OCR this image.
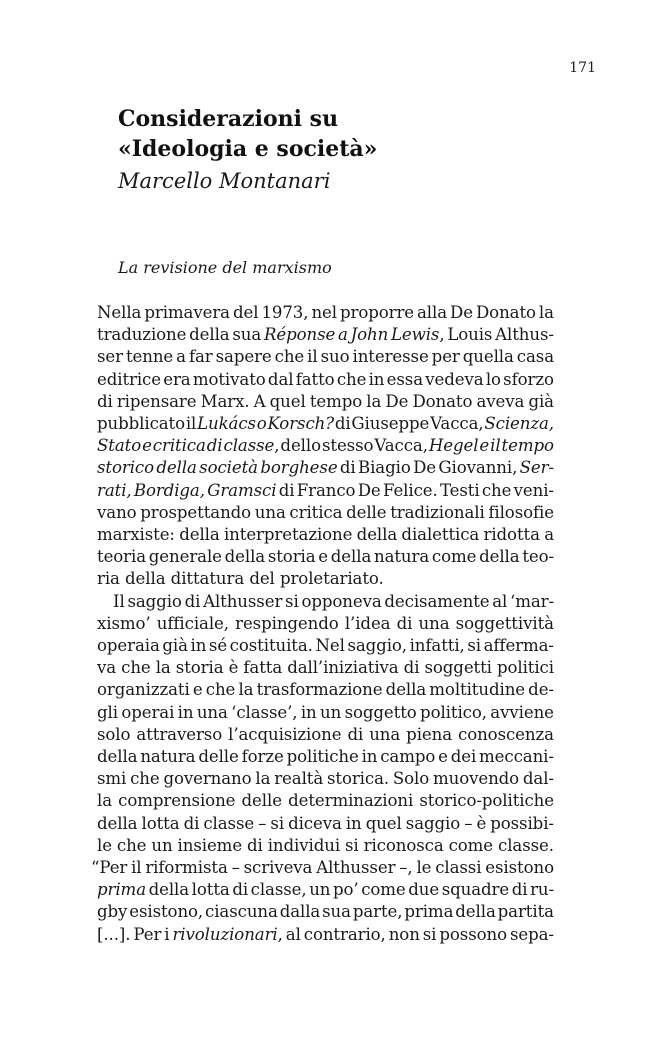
171
Considerazioni su
«Ideologia e società»
Marcello Montanari
La revisione del marxismo
Nella primavera del 1973, nel proporre alla De Donato la
traduzione della sua Réponse a John Lewis, Louis Althus-
ser tenne a far sapere che il suo interesse per quella casa
editrice era motivato dal fatto che in essa vedeva lo sforzo
di ripensare Marx. A quel tempo la De Donato aveva già
pubblicato il Lukács o Korsch? di Giuseppe Vacca, Scienza,
Stato e critica di classe, dello stesso Vacca, Hegel e il tempo
storico della società borghese di Biagio De Giovanni, Ser-
rati, Bordiga, Gramsci di Franco De Felice. Testi che veni-
vano prospettando una critica delle tradizionali filosofie
marxiste: della interpretazione della dialettica ridotta a
teoria generale della storia e della natura come della teo-
ria della dittatura del proletariato.
Il saggio di Althusser si opponeva decisamente al ‘mar-
xismo’ ufficiale, respingendo l’idea di una soggettività
operaia già in sé costituita. Nel saggio, infatti, si afferma-
va che la storia è fatta dall’iniziativa di soggetti politici
organizzati e che la trasformazione della moltitudine de-
gli operai in una ‘classe’, in un soggetto politico, avviene
solo attraverso l’acquisizione di una piena conoscenza
della natura delle forze politiche in campo e dei meccani-
smi che governano la realtà storica. Solo muovendo dal-
la comprensione delle determinazioni storico-politiche
della lotta di classe – si diceva in quel saggio – è possibi-
le che un insieme di individui si riconosca come classe.
“Per il riformista – scriveva Althusser –, le classi esistono
prima della lotta di classe, un po’ come due squadre di ru-
gby esistono, ciascuna dalla sua parte, prima della partita
[...]. Per i rivoluzionari, al contrario, non si possono sepa-
